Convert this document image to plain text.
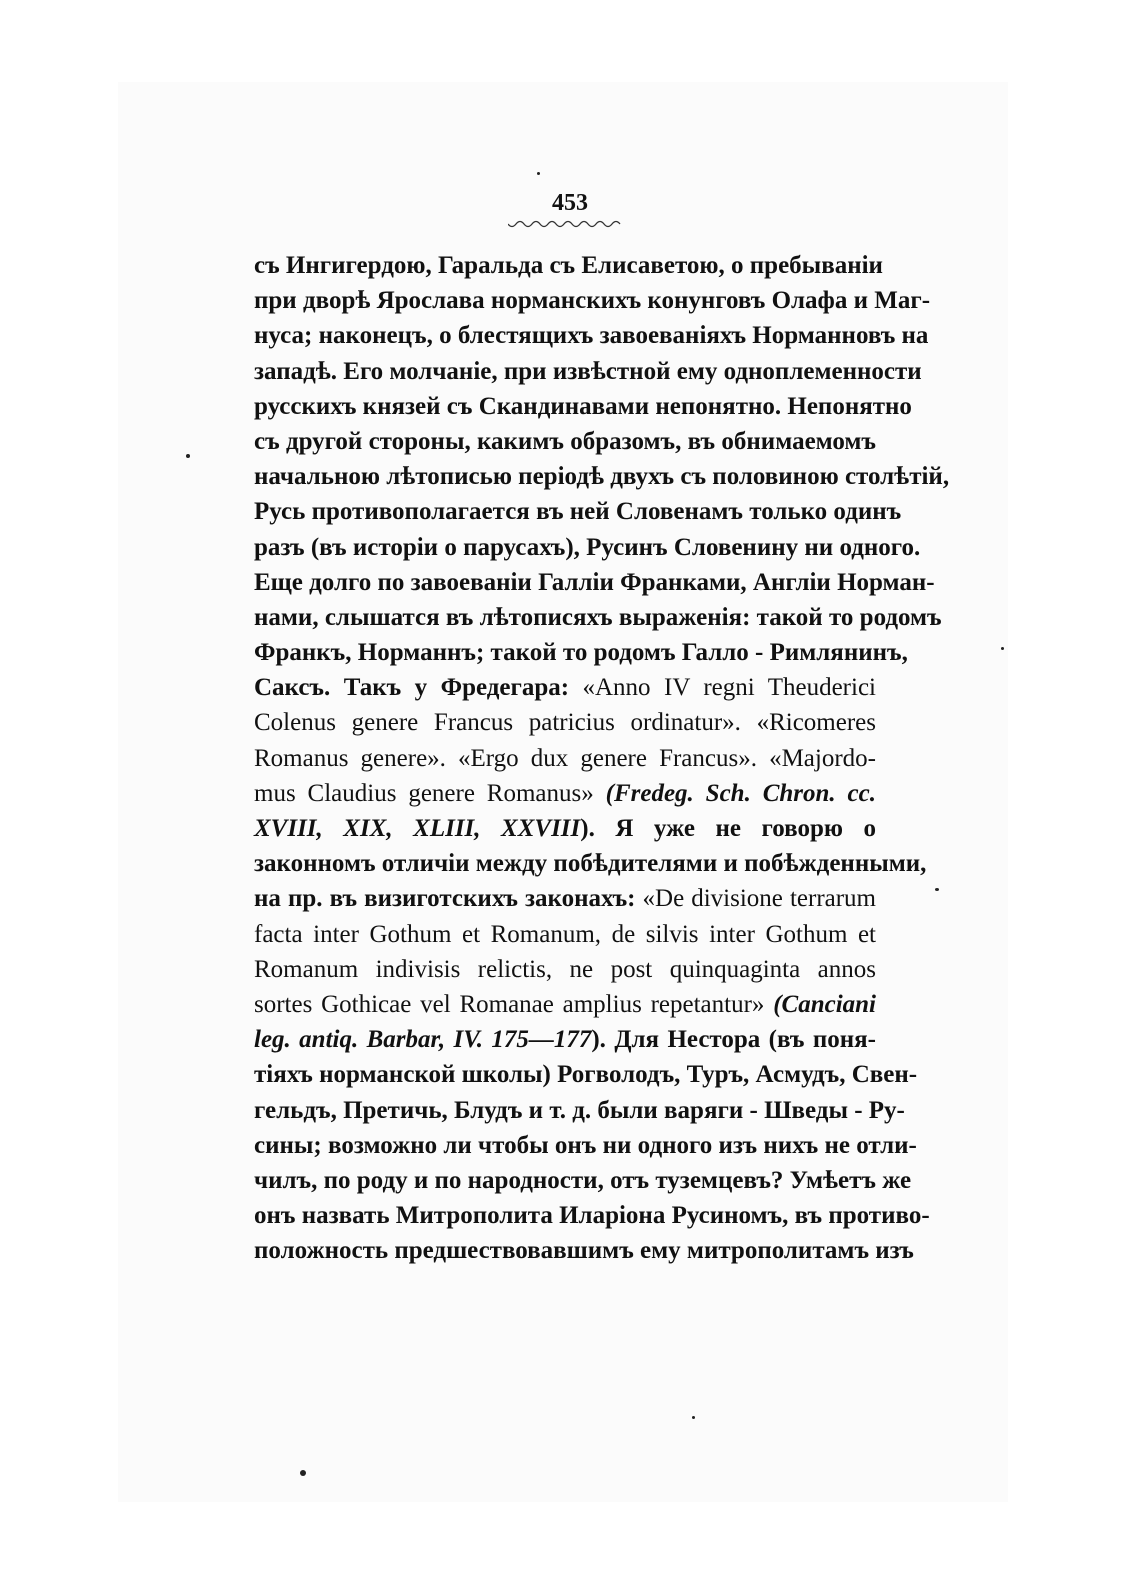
453
съ Ингигердою, Гаральда съ Елисаветою, о пребываніи
при дворѣ Ярослава норманскихъ конунговъ Олафа и Маг-
нуса; наконецъ, о блестящихъ завоеваніяхъ Норманновъ на
западѣ. Его молчаніе, при извѣстной ему одноплеменности
русскихъ князей съ Скандинавами непонятно. Непонятно
съ другой стороны, какимъ образомъ, въ обнимаемомъ
начальною лѣтописью періодѣ двухъ съ половиною столѣтій,
Русь противополагается въ ней Словенамъ только одинъ
разъ (въ исторіи о парусахъ), Русинъ Словенину ни одного.
Еще долго по завоеваніи Галліи Франками, Англіи Норман-
нами, слышатся въ лѣтописяхъ выраженія: такой то родомъ
Франкъ, Норманнъ; такой то родомъ Галло - Римлянинъ,
Саксъ. Такъ у Фредегара: «Anno IV regni Theuderici
Colenus genere Francus patricius ordinatur». «Ricomeres
Romanus genere». «Ergo dux genere Francus». «Majordo-
mus Claudius genere Romanus» (Fredeg. Sch. Chron. cc.
XVIII, XIX, XLIII, XXVIII). Я уже не говорю о
законномъ отличіи между побѣдителями и побѣжденными,
на пр. въ визиготскихъ законахъ: «De divisione terrarum
facta inter Gothum et Romanum, de silvis inter Gothum et
Romanum indivisis relictis, ne post quinquaginta annos
sortes Gothicae vel Romanae amplius repetantur» (Canciani
leg. antiq. Barbar, IV. 175—177). Для Нестора (въ поня-
тіяхъ норманской школы) Рогволодъ, Туръ, Асмудъ, Свен-
гельдъ, Претичь, Блудъ и т. д. были варяги - Шведы - Ру-
сины; возможно ли чтобы онъ ни одного изъ нихъ не отли-
чилъ, по роду и по народности, отъ туземцевъ? Умѣетъ же
онъ назвать Митрополита Иларіона Русиномъ, въ противо-
положность предшествовавшимъ ему митрополитамъ изъ
